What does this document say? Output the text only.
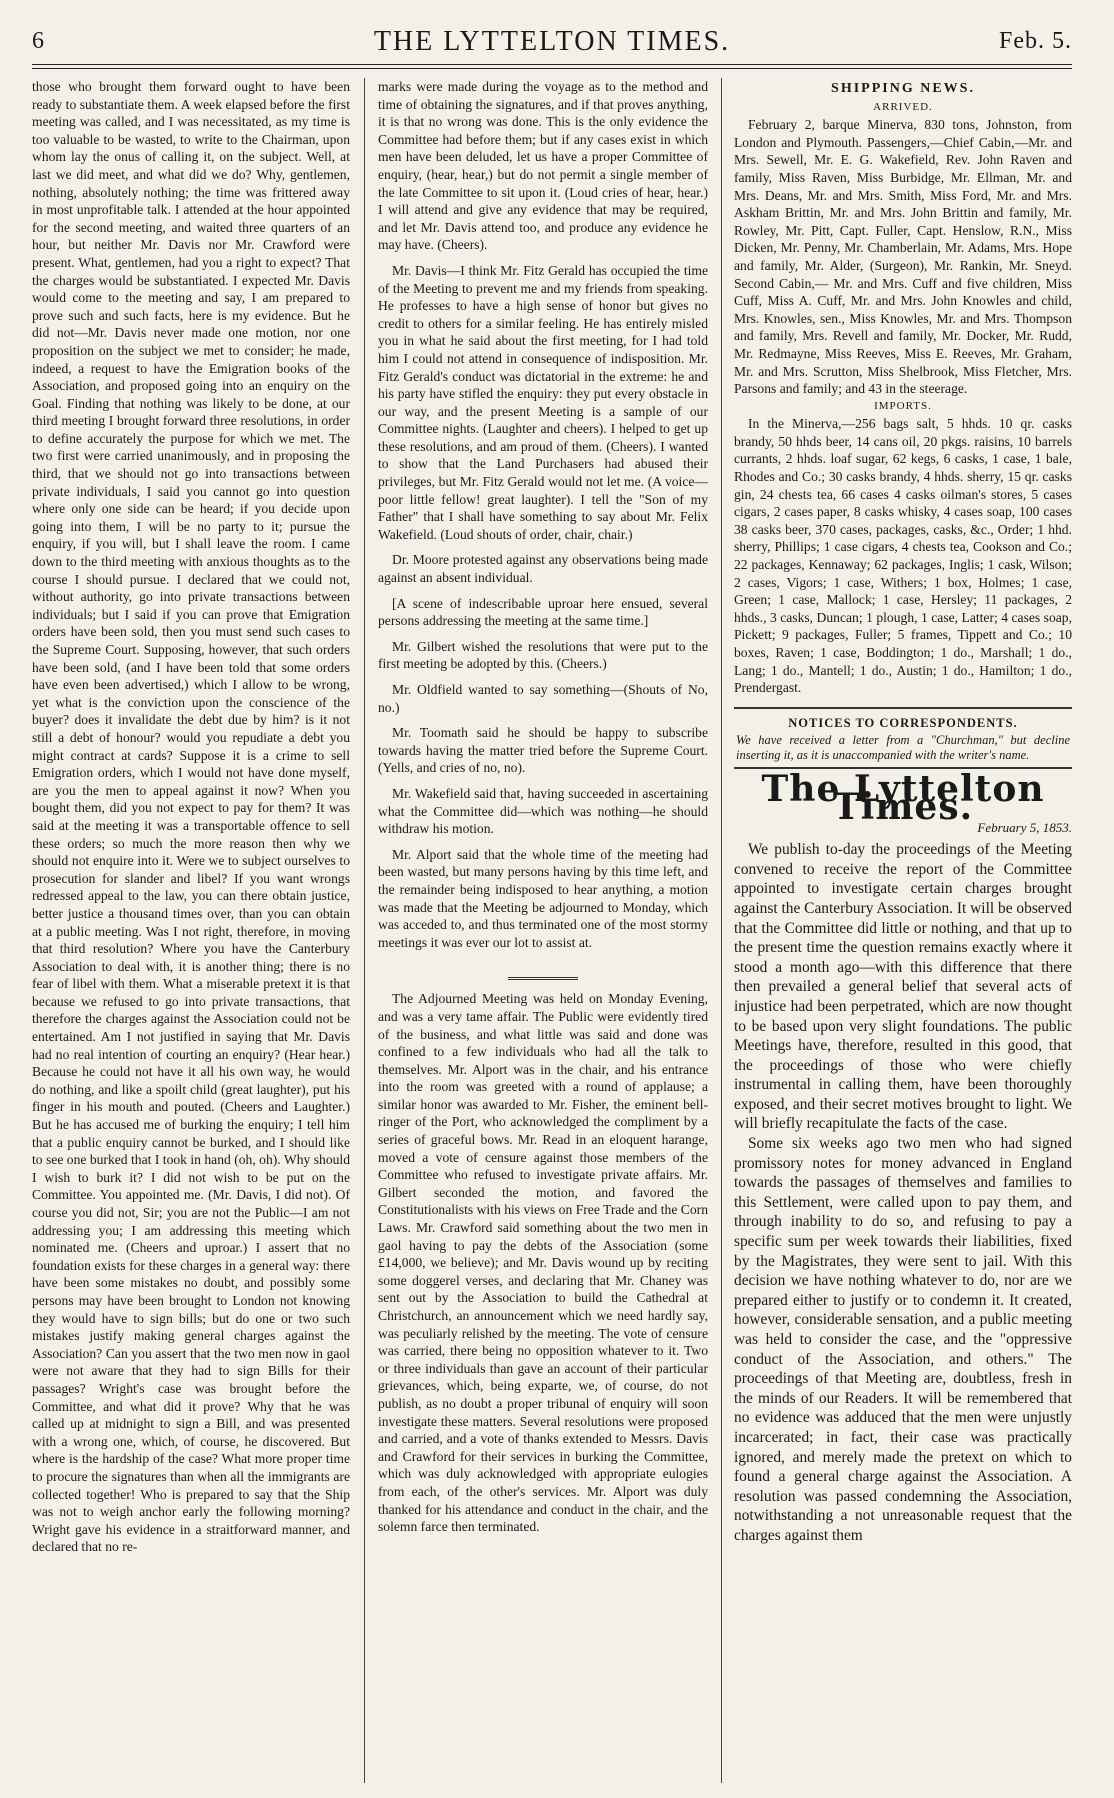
6	THE LYTTELTON TIMES.	Feb. 5.

those who brought them forward ought to have been ready to substantiate them. A week elapsed before the first meeting was called, and I was necessitated, as my time is too valuable to be wasted, to write to the Chairman, upon whom lay the onus of calling it, on the subject. Well, at last we did meet, and what did we do? Why, gentlemen, nothing, absolutely nothing; the time was frittered away in most unprofitable talk. I attended at the hour appointed for the second meeting, and waited three quarters of an hour, but neither Mr. Davis nor Mr. Crawford were present. What, gentlemen, had you a right to expect? That the charges would be substantiated. I expected Mr. Davis would come to the meeting and say, I am prepared to prove such and such facts, here is my evidence. But he did not—Mr. Davis never made one motion, nor one proposition on the subject we met to consider; he made, indeed, a request to have the Emigration books of the Association, and proposed going into an enquiry on the Goal. Finding that nothing was likely to be done, at our third meeting I brought forward three resolutions, in order to define accurately the purpose for which we met. The two first were carried unanimously, and in proposing the third, that we should not go into transactions between private individuals, I said you cannot go into question where only one side can be heard; if you decide upon going into them, I will be no party to it; pursue the enquiry, if you will, but I shall leave the room. I came down to the third meeting with anxious thoughts as to the course I should pursue. I declared that we could not, without authority, go into private transactions between individuals; but I said if you can prove that Emigration orders have been sold, then you must send such cases to the Supreme Court. Supposing, however, that such orders have been sold, (and I have been told that some orders have even been advertised,) which I allow to be wrong, yet what is the conviction upon the conscience of the buyer? does it invalidate the debt due by him? is it not still a debt of honour? would you repudiate a debt you might contract at cards? Suppose it is a crime to sell Emigration orders, which I would not have done myself, are you the men to appeal against it now? When you bought them, did you not expect to pay for them? It was said at the meeting it was a transportable offence to sell these orders; so much the more reason then why we should not enquire into it. Were we to subject ourselves to prosecution for slander and libel? If you want wrongs redressed appeal to the law, you can there obtain justice, better justice a thousand times over, than you can obtain at a public meeting. Was I not right, therefore, in moving that third resolution? Where you have the Canterbury Association to deal with, it is another thing; there is no fear of libel with them. What a miserable pretext it is that because we refused to go into private transactions, that therefore the charges against the Association could not be entertained. Am I not justified in saying that Mr. Davis had no real intention of courting an enquiry? (Hear hear.) Because he could not have it all his own way, he would do nothing, and like a spoilt child (great laughter), put his finger in his mouth and pouted. (Cheers and Laughter.) But he has accused me of burking the enquiry; I tell him that a public enquiry cannot be burked, and I should like to see one burked that I took in hand (oh, oh). Why should I wish to burk it? I did not wish to be put on the Committee. You appointed me. (Mr. Davis, I did not). Of course you did not, Sir; you are not the Public—I am not addressing you; I am addressing this meeting which nominated me. (Cheers and uproar.) I assert that no foundation exists for these charges in a general way: there have been some mistakes no doubt, and possibly some persons may have been brought to London not knowing they would have to sign bills; but do one or two such mistakes justify making general charges against the Association? Can you assert that the two men now in gaol were not aware that they had to sign Bills for their passages? Wright's case was brought before the Committee, and what did it prove? Why that he was called up at midnight to sign a Bill, and was presented with a wrong one, which, of course, he discovered. But where is the hardship of the case? What more proper time to procure the signatures than when all the immigrants are collected together! Who is prepared to say that the Ship was not to weigh anchor early the following morning? Wright gave his evidence in a straitforward manner, and declared that no re-

marks were made during the voyage as to the method and time of obtaining the signatures, and if that proves anything, it is that no wrong was done. This is the only evidence the Committee had before them; but if any cases exist in which men have been deluded, let us have a proper Committee of enquiry, (hear, hear,) but do not permit a single member of the late Committee to sit upon it. (Loud cries of hear, hear.) I will attend and give any evidence that may be required, and let Mr. Davis attend too, and produce any evidence he may have. (Cheers).

Mr. Davis—I think Mr. Fitz Gerald has occupied the time of the Meeting to prevent me and my friends from speaking. He professes to have a high sense of honor but gives no credit to others for a similar feeling. He has entirely misled you in what he said about the first meeting, for I had told him I could not attend in consequence of indisposition. Mr. Fitz Gerald's conduct was dictatorial in the extreme: he and his party have stifled the enquiry: they put every obstacle in our way, and the present Meeting is a sample of our Committee nights. (Laughter and cheers). I helped to get up these resolutions, and am proud of them. (Cheers). I wanted to show that the Land Purchasers had abused their privileges, but Mr. Fitz Gerald would not let me. (A voice—poor little fellow! great laughter). I tell the "Son of my Father" that I shall have something to say about Mr. Felix Wakefield. (Loud shouts of order, chair, chair.)

Dr. Moore protested against any observations being made against an absent individual.

[A scene of indescribable uproar here ensued, several persons addressing the meeting at the same time.]

Mr. Gilbert wished the resolutions that were put to the first meeting be adopted by this. (Cheers.)

Mr. Oldfield wanted to say something—(Shouts of No, no.)

Mr. Toomath said he should be happy to subscribe towards having the matter tried before the Supreme Court. (Yells, and cries of no, no).

Mr. Wakefield said that, having succeeded in ascertaining what the Committee did—which was nothing—he should withdraw his motion.

Mr. Alport said that the whole time of the meeting had been wasted, but many persons having by this time left, and the remainder being indisposed to hear anything, a motion was made that the Meeting be adjourned to Monday, which was acceded to, and thus terminated one of the most stormy meetings it was ever our lot to assist at.

The Adjourned Meeting was held on Monday Evening, and was a very tame affair. The Public were evidently tired of the business, and what little was said and done was confined to a few individuals who had all the talk to themselves. Mr. Alport was in the chair, and his entrance into the room was greeted with a round of applause; a similar honor was awarded to Mr. Fisher, the eminent bell-ringer of the Port, who acknowledged the compliment by a series of graceful bows. Mr. Read in an eloquent harange, moved a vote of censure against those members of the Committee who refused to investigate private affairs. Mr. Gilbert seconded the motion, and favored the Constitutionalists with his views on Free Trade and the Corn Laws. Mr. Crawford said something about the two men in gaol having to pay the debts of the Association (some £14,000, we believe); and Mr. Davis wound up by reciting some doggerel verses, and declaring that Mr. Chaney was sent out by the Association to build the Cathedral at Christchurch, an announcement which we need hardly say, was peculiarly relished by the meeting. The vote of censure was carried, there being no opposition whatever to it. Two or three individuals than gave an account of their particular grievances, which, being exparte, we, of course, do not publish, as no doubt a proper tribunal of enquiry will soon investigate these matters. Several resolutions were proposed and carried, and a vote of thanks extended to Messrs. Davis and Crawford for their services in burking the Committee, which was duly acknowledged with appropriate eulogies from each, of the other's services. Mr. Alport was duly thanked for his attendance and conduct in the chair, and the solemn farce then terminated.

SHIPPING NEWS.

ARRIVED.

February 2, barque Minerva, 830 tons, Johnston, from London and Plymouth. Passengers,—Chief Cabin,—Mr. and Mrs. Sewell, Mr. E. G. Wakefield, Rev. John Raven and family, Miss Raven, Miss Burbidge, Mr. Ellman, Mr. and Mrs. Deans, Mr. and Mrs. Smith, Miss Ford, Mr. and Mrs. Askham Brittin, Mr. and Mrs. John Brittin and family, Mr. Rowley, Mr. Pitt, Capt. Fuller, Capt. Henslow, R.N., Miss Dicken, Mr. Penny, Mr. Chamberlain, Mr. Adams, Mrs. Hope and family, Mr. Alder, (Surgeon), Mr. Rankin, Mr. Sneyd. Second Cabin,— Mr. and Mrs. Cuff and five children, Miss Cuff, Miss A. Cuff, Mr. and Mrs. John Knowles and child, Mrs. Knowles, sen., Miss Knowles, Mr. and Mrs. Thompson and family, Mrs. Revell and family, Mr. Docker, Mr. Rudd, Mr. Redmayne, Miss Reeves, Miss E. Reeves, Mr. Graham, Mr. and Mrs. Scrutton, Miss Shelbrook, Miss Fletcher, Mrs. Parsons and family; and 43 in the steerage.

IMPORTS.

In the Minerva,—256 bags salt, 5 hhds. 10 qr. casks brandy, 50 hhds beer, 14 cans oil, 20 pkgs. raisins, 10 barrels currants, 2 hhds. loaf sugar, 62 kegs, 6 casks, 1 case, 1 bale, Rhodes and Co.; 30 casks brandy, 4 hhds. sherry, 15 qr. casks gin, 24 chests tea, 66 cases 4 casks oilman's stores, 5 cases cigars, 2 cases paper, 8 casks whisky, 4 cases soap, 100 cases 38 casks beer, 370 cases, packages, casks, &c., Order; 1 hhd. sherry, Phillips; 1 case cigars, 4 chests tea, Cookson and Co.; 22 packages, Kennaway; 62 packages, Inglis; 1 cask, Wilson; 2 cases, Vigors; 1 case, Withers; 1 box, Holmes; 1 case, Green; 1 case, Mallock; 1 case, Hersley; 11 packages, 2 hhds., 3 casks, Duncan; 1 plough, 1 case, Latter; 4 cases soap, Pickett; 9 packages, Fuller; 5 frames, Tippett and Co.; 10 boxes, Raven; 1 case, Boddington; 1 do., Marshall; 1 do., Lang; 1 do., Mantell; 1 do., Austin; 1 do., Hamilton; 1 do., Prendergast.

NOTICES TO CORRESPONDENTS.

We have received a letter from a "Churchman," but decline inserting it, as it is unaccompanied with the writer's name.

The Lyttelton Times. February 5, 1853.

We publish to-day the proceedings of the Meeting convened to receive the report of the Committee appointed to investigate certain charges brought against the Canterbury Association. It will be observed that the Committee did little or nothing, and that up to the present time the question remains exactly where it stood a month ago—with this difference that there then prevailed a general belief that several acts of injustice had been perpetrated, which are now thought to be based upon very slight foundations. The public Meetings have, therefore, resulted in this good, that the proceedings of those who were chiefly instrumental in calling them, have been thoroughly exposed, and their secret motives brought to light. We will briefly recapitulate the facts of the case.

Some six weeks ago two men who had signed promissory notes for money advanced in England towards the passages of themselves and families to this Settlement, were called upon to pay them, and through inability to do so, and refusing to pay a specific sum per week towards their liabilities, fixed by the Magistrates, they were sent to jail. With this decision we have nothing whatever to do, nor are we prepared either to justify or to condemn it. It created, however, considerable sensation, and a public meeting was held to consider the case, and the "oppressive conduct of the Association, and others." The proceedings of that Meeting are, doubtless, fresh in the minds of our Readers. It will be remembered that no evidence was adduced that the men were unjustly incarcerated; in fact, their case was practically ignored, and merely made the pretext on which to found a general charge against the Association. A resolution was passed condemning the Association, notwithstanding a not unreasonable request that the charges against them
